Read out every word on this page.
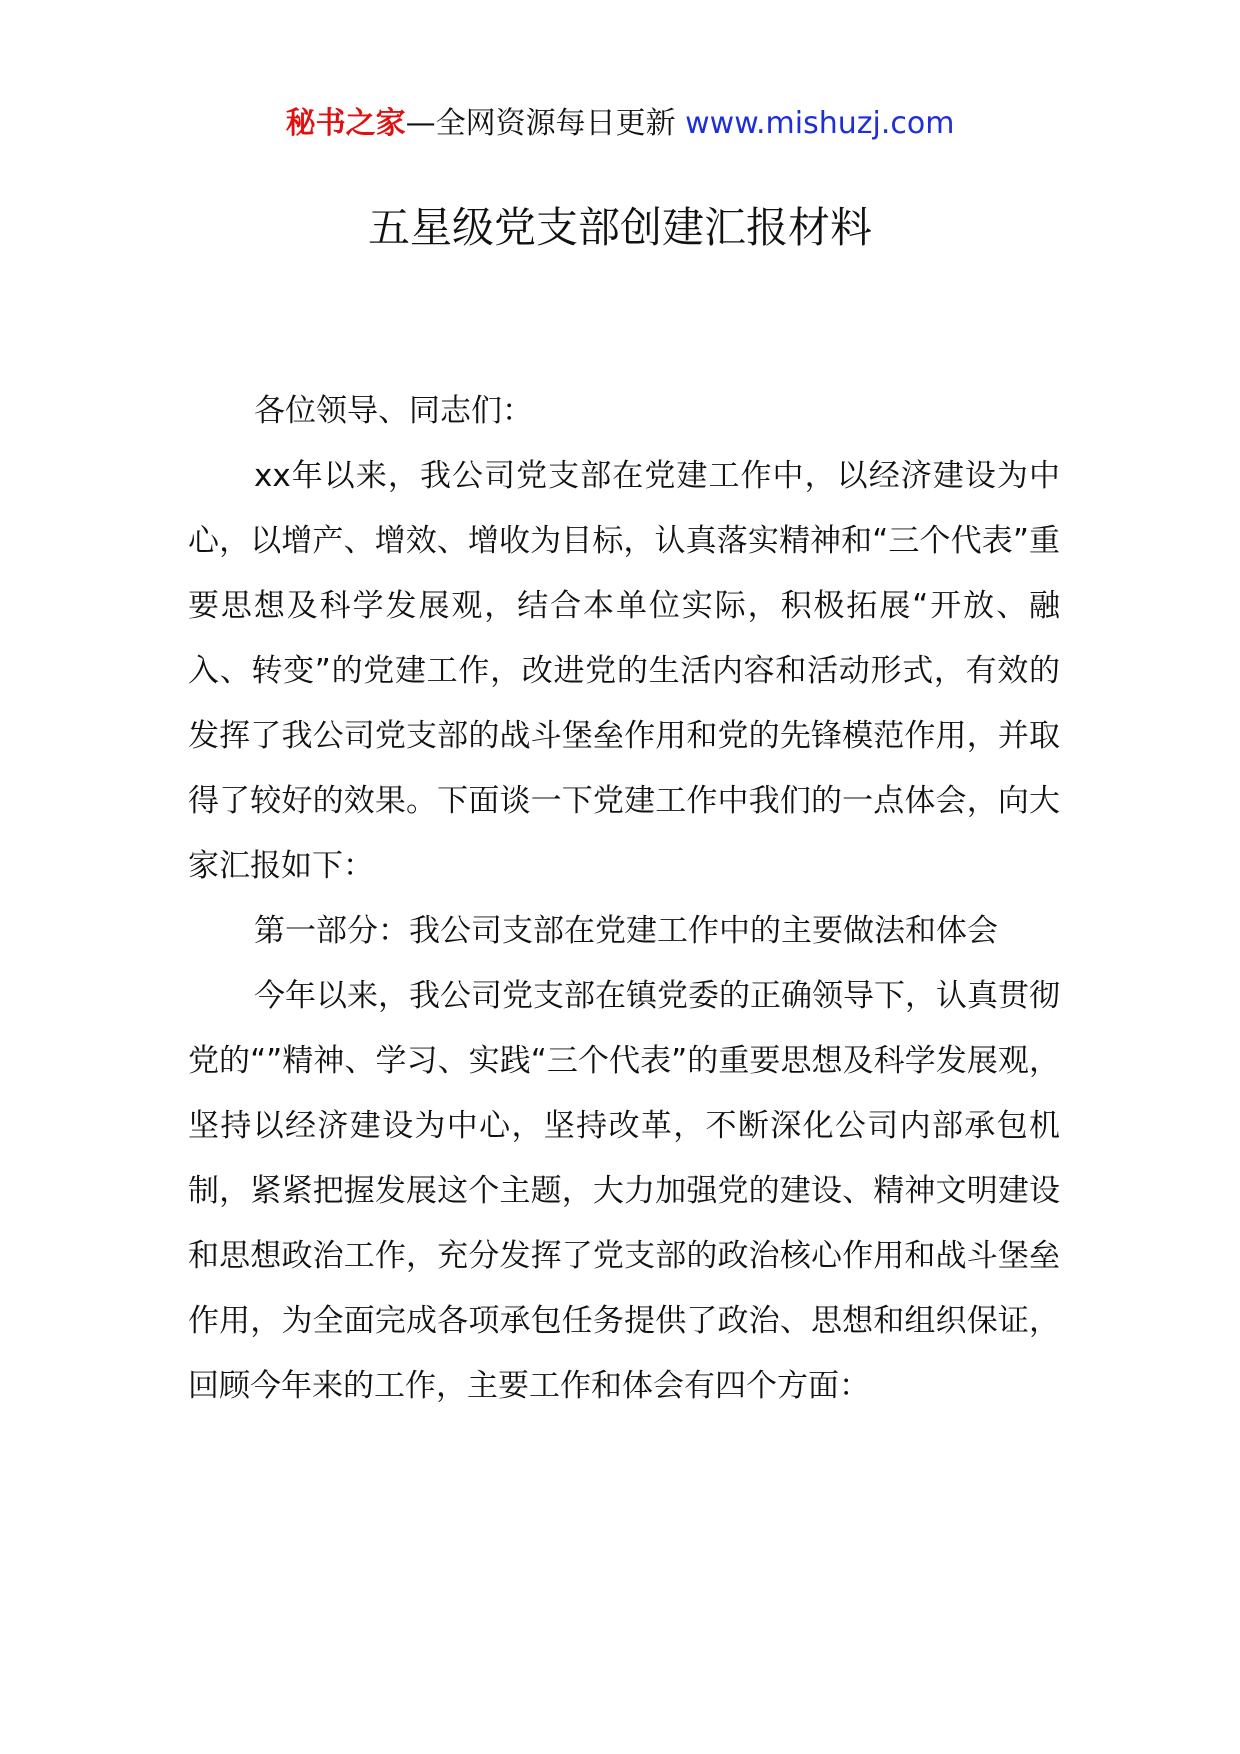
秘书之家—全网资源每日更新 www.mishuzj.com
五星级党支部创建汇报材料

各位领导、同志们：

xx年以来，我公司党支部在党建工作中，以经济建设为中心，以增产、增效、增收为目标，认真落实精神和“三个代表”重要思想及科学发展观，结合本单位实际，积极拓展“开放、融入、转变”的党建工作，改进党的生活内容和活动形式，有效的发挥了我公司党支部的战斗堡垒作用和党的先锋模范作用，并取得了较好的效果。下面谈一下党建工作中我们的一点体会，向大家汇报如下：

第一部分：我公司支部在党建工作中的主要做法和体会

今年以来，我公司党支部在镇党委的正确领导下，认真贯彻党的“”精神、学习、实践“三个代表”的重要思想及科学发展观，坚持以经济建设为中心，坚持改革，不断深化公司内部承包机制，紧紧把握发展这个主题，大力加强党的建设、精神文明建设和思想政治工作，充分发挥了党支部的政治核心作用和战斗堡垒作用，为全面完成各项承包任务提供了政治、思想和组织保证，回顾今年来的工作，主要工作和体会有四个方面：
